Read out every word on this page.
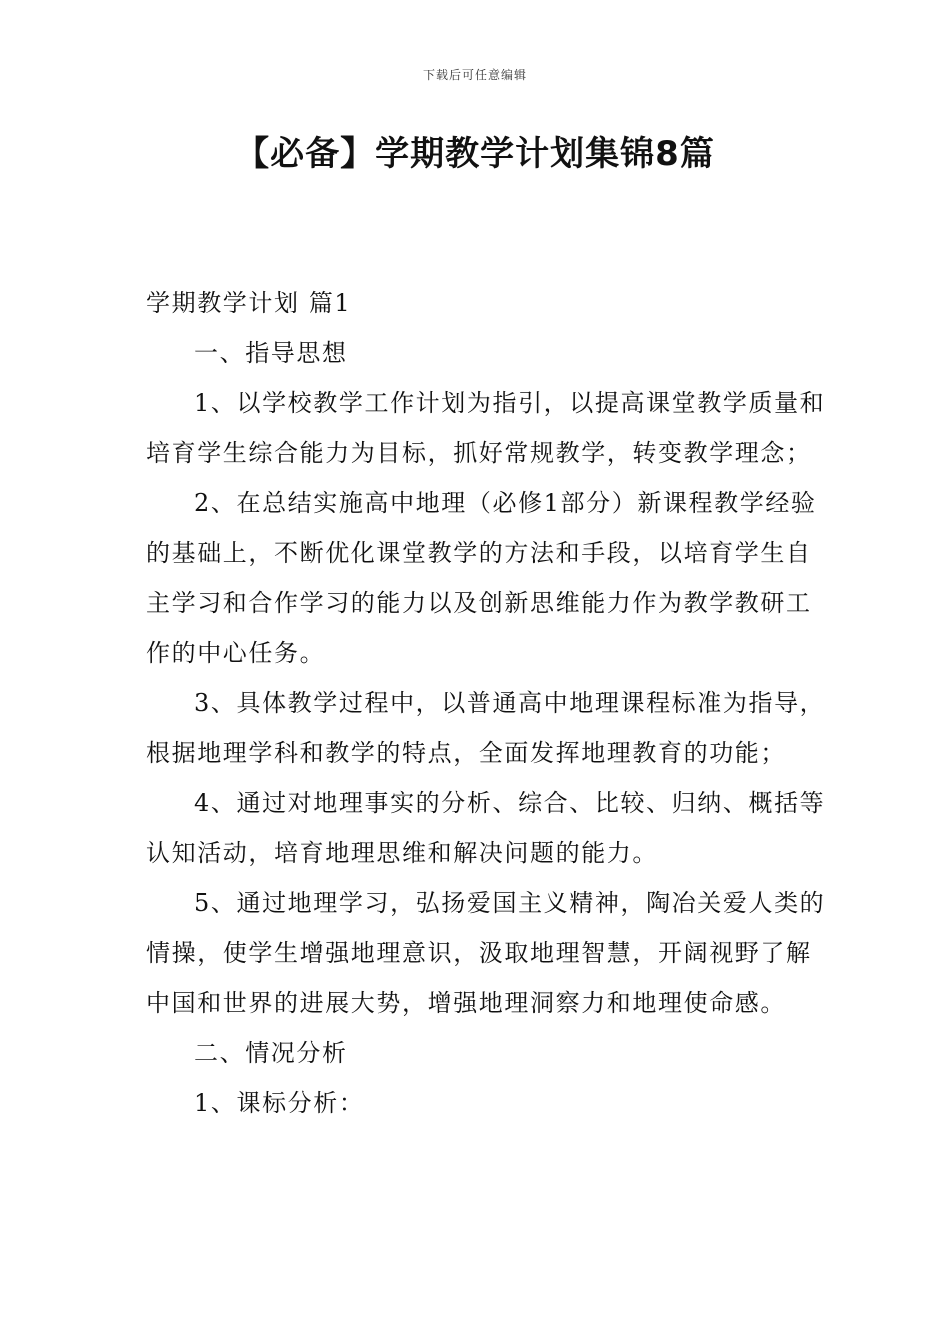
下载后可任意编辑
【必备】学期教学计划集锦8篇

学期教学计划 篇1

一、指导思想

1、以学校教学工作计划为指引，以提高课堂教学质量和培育学生综合能力为目标，抓好常规教学，转变教学理念；

2、在总结实施高中地理（必修1部分）新课程教学经验的基础上，不断优化课堂教学的方法和手段，以培育学生自主学习和合作学习的能力以及创新思维能力作为教学教研工作的中心任务。

3、具体教学过程中，以普通高中地理课程标准为指导，根据地理学科和教学的特点，全面发挥地理教育的功能；

4、通过对地理事实的分析、综合、比较、归纳、概括等认知活动，培育地理思维和解决问题的能力。

5、通过地理学习，弘扬爱国主义精神，陶冶关爱人类的情操，使学生增强地理意识，汲取地理智慧，开阔视野了解中国和世界的进展大势，增强地理洞察力和地理使命感。

二、情况分析

1、课标分析：
